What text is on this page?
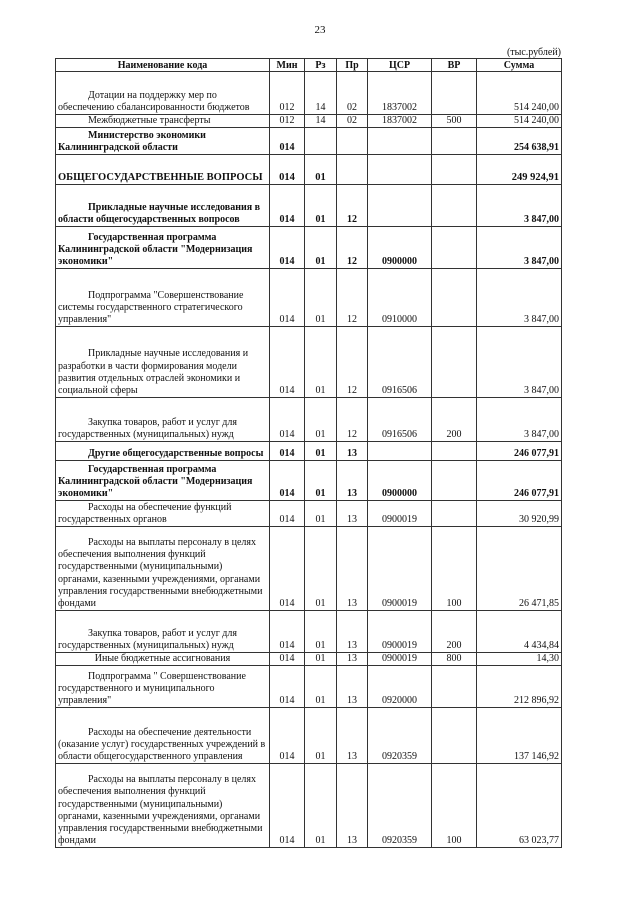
23
(тыс.рублей)
Наименование кода	Мин	Рз	Пр	ЦСР	ВР	Сумма
Дотации на поддержку мер по обеспечению сбалансированности бюджетов	012	14	02	1837002		514 240,00
Межбюджетные трансферты	012	14	02	1837002	500	514 240,00
Министерство экономики Калининградской области	014					254 638,91
ОБЩЕГОСУДАРСТВЕННЫЕ ВОПРОСЫ	014	01				249 924,91
Прикладные научные исследования в области общегосударственных вопросов	014	01	12			3 847,00
Государственная программа Калининградской области "Модернизация экономики"	014	01	12	0900000		3 847,00
Подпрограмма "Совершенствование системы государственного стратегического управления"	014	01	12	0910000		3 847,00
Прикладные научные исследования и разработки в части формирования модели развития отдельных отраслей экономики и социальной сферы	014	01	12	0916506		3 847,00
Закупка товаров, работ и услуг для государственных (муниципальных) нужд	014	01	12	0916506	200	3 847,00
Другие общегосударственные вопросы	014	01	13			246 077,91
Государственная программа Калининградской области "Модернизация экономики"	014	01	13	0900000		246 077,91
Расходы на обеспечение функций государственных органов	014	01	13	0900019		30 920,99
Расходы на выплаты персоналу в целях обеспечения выполнения функций государственными (муниципальными) органами, казенными учреждениями, органами управления государственными внебюджетными фондами	014	01	13	0900019	100	26 471,85
Закупка товаров, работ и услуг для государственных (муниципальных) нужд	014	01	13	0900019	200	4 434,84
Иные бюджетные ассигнования	014	01	13	0900019	800	14,30
Подпрограмма " Совершенствование государственного и муниципального управления"	014	01	13	0920000		212 896,92
Расходы на обеспечение деятельности (оказание услуг) государственных учреждений в области общегосударственного управления	014	01	13	0920359		137 146,92
Расходы на выплаты персоналу в целях обеспечения выполнения функций государственными (муниципальными) органами, казенными учреждениями, органами управления государственными внебюджетными фондами	014	01	13	0920359	100	63 023,77
